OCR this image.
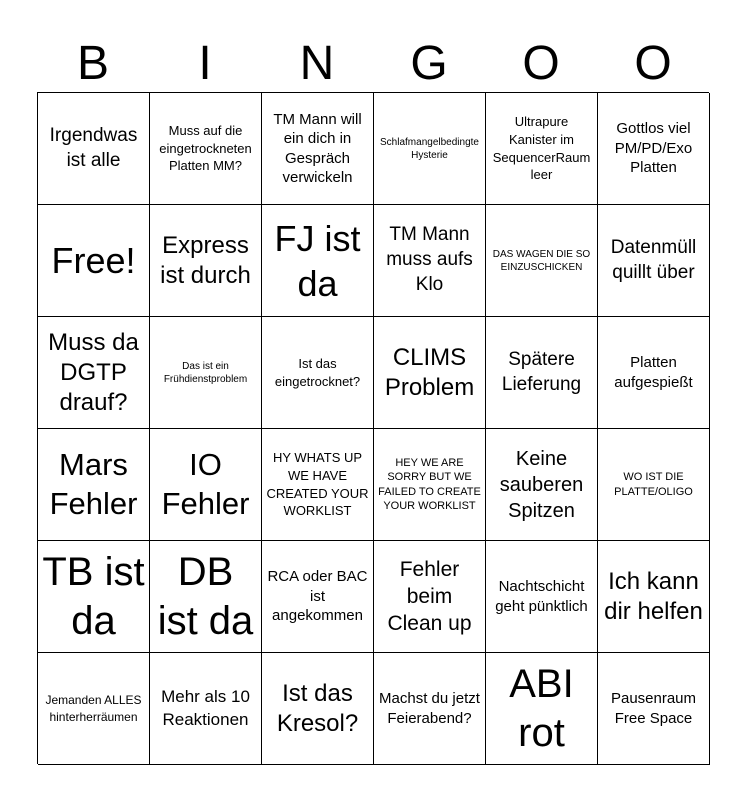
B	I	N	G	O	O
Irgendwas ist alle
Muss auf die eingetrockneten Platten MM?
TM Mann will ein dich in Gespräch verwickeln
Schlafmangelbedingte Hysterie
Ultrapure Kanister im SequencerRaum leer
Gottlos viel PM/PD/Exo Platten
Free!	Express ist durch
FJ ist da
TM Mann muss aufs Klo
DAS WAGEN DIE SO EINZUSCHICKEN
Datenmüll quillt über
Muss da DGTP drauf?
Das ist ein Frühdienstproblem
Ist das eingetrocknet?
CLIMS Problem
Spätere Lieferung
Platten aufgespießt
Mars Fehler
IO Fehler
HY WHATS UP WE HAVE CREATED YOUR WORKLIST
HEY WE ARE SORRY BUT WE FAILED TO CREATE YOUR WORKLIST
Keine sauberen Spitzen
WO IST DIE PLATTE/OLIGO
TB ist da
DB ist da
RCA oder BAC ist angekommen
Fehler beim Clean up
Nachtschicht geht pünktlich
Ich kann dir helfen
Jemanden ALLES hinterherräumen
Mehr als 10 Reaktionen
Ist das Kresol?
Machst du jetzt Feierabend?
ABI rot
Pausenraum Free Space
